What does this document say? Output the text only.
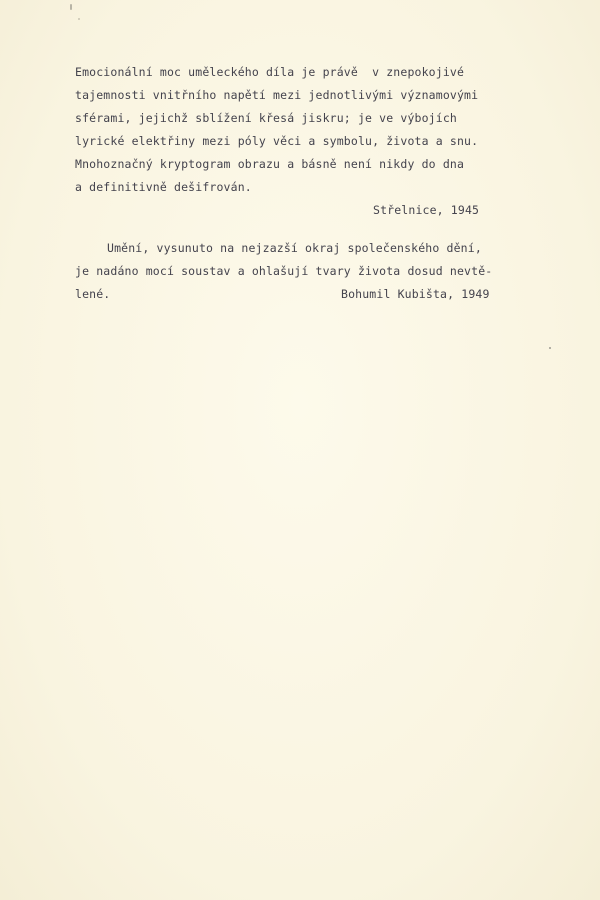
Emocionální moc uměleckého díla je právě  v znepokojivé
tajemnosti vnitřního napětí mezi jednotlivými významovými
sférami, jejichž sblížení křesá jiskru; je ve výbojích
lyrické elektřiny mezi póly věci a symbolu, života a snu.
Mnohoznačný kryptogram obrazu a básně není nikdy do dna
a definitivně dešifrován.
Střelnice, 1945
Umění, vysunuto na nejzazší okraj společenského dění,
je nadáno mocí soustav a ohlašují tvary života dosud nevtě-
lené.	Bohumil Kubišta, 1949
